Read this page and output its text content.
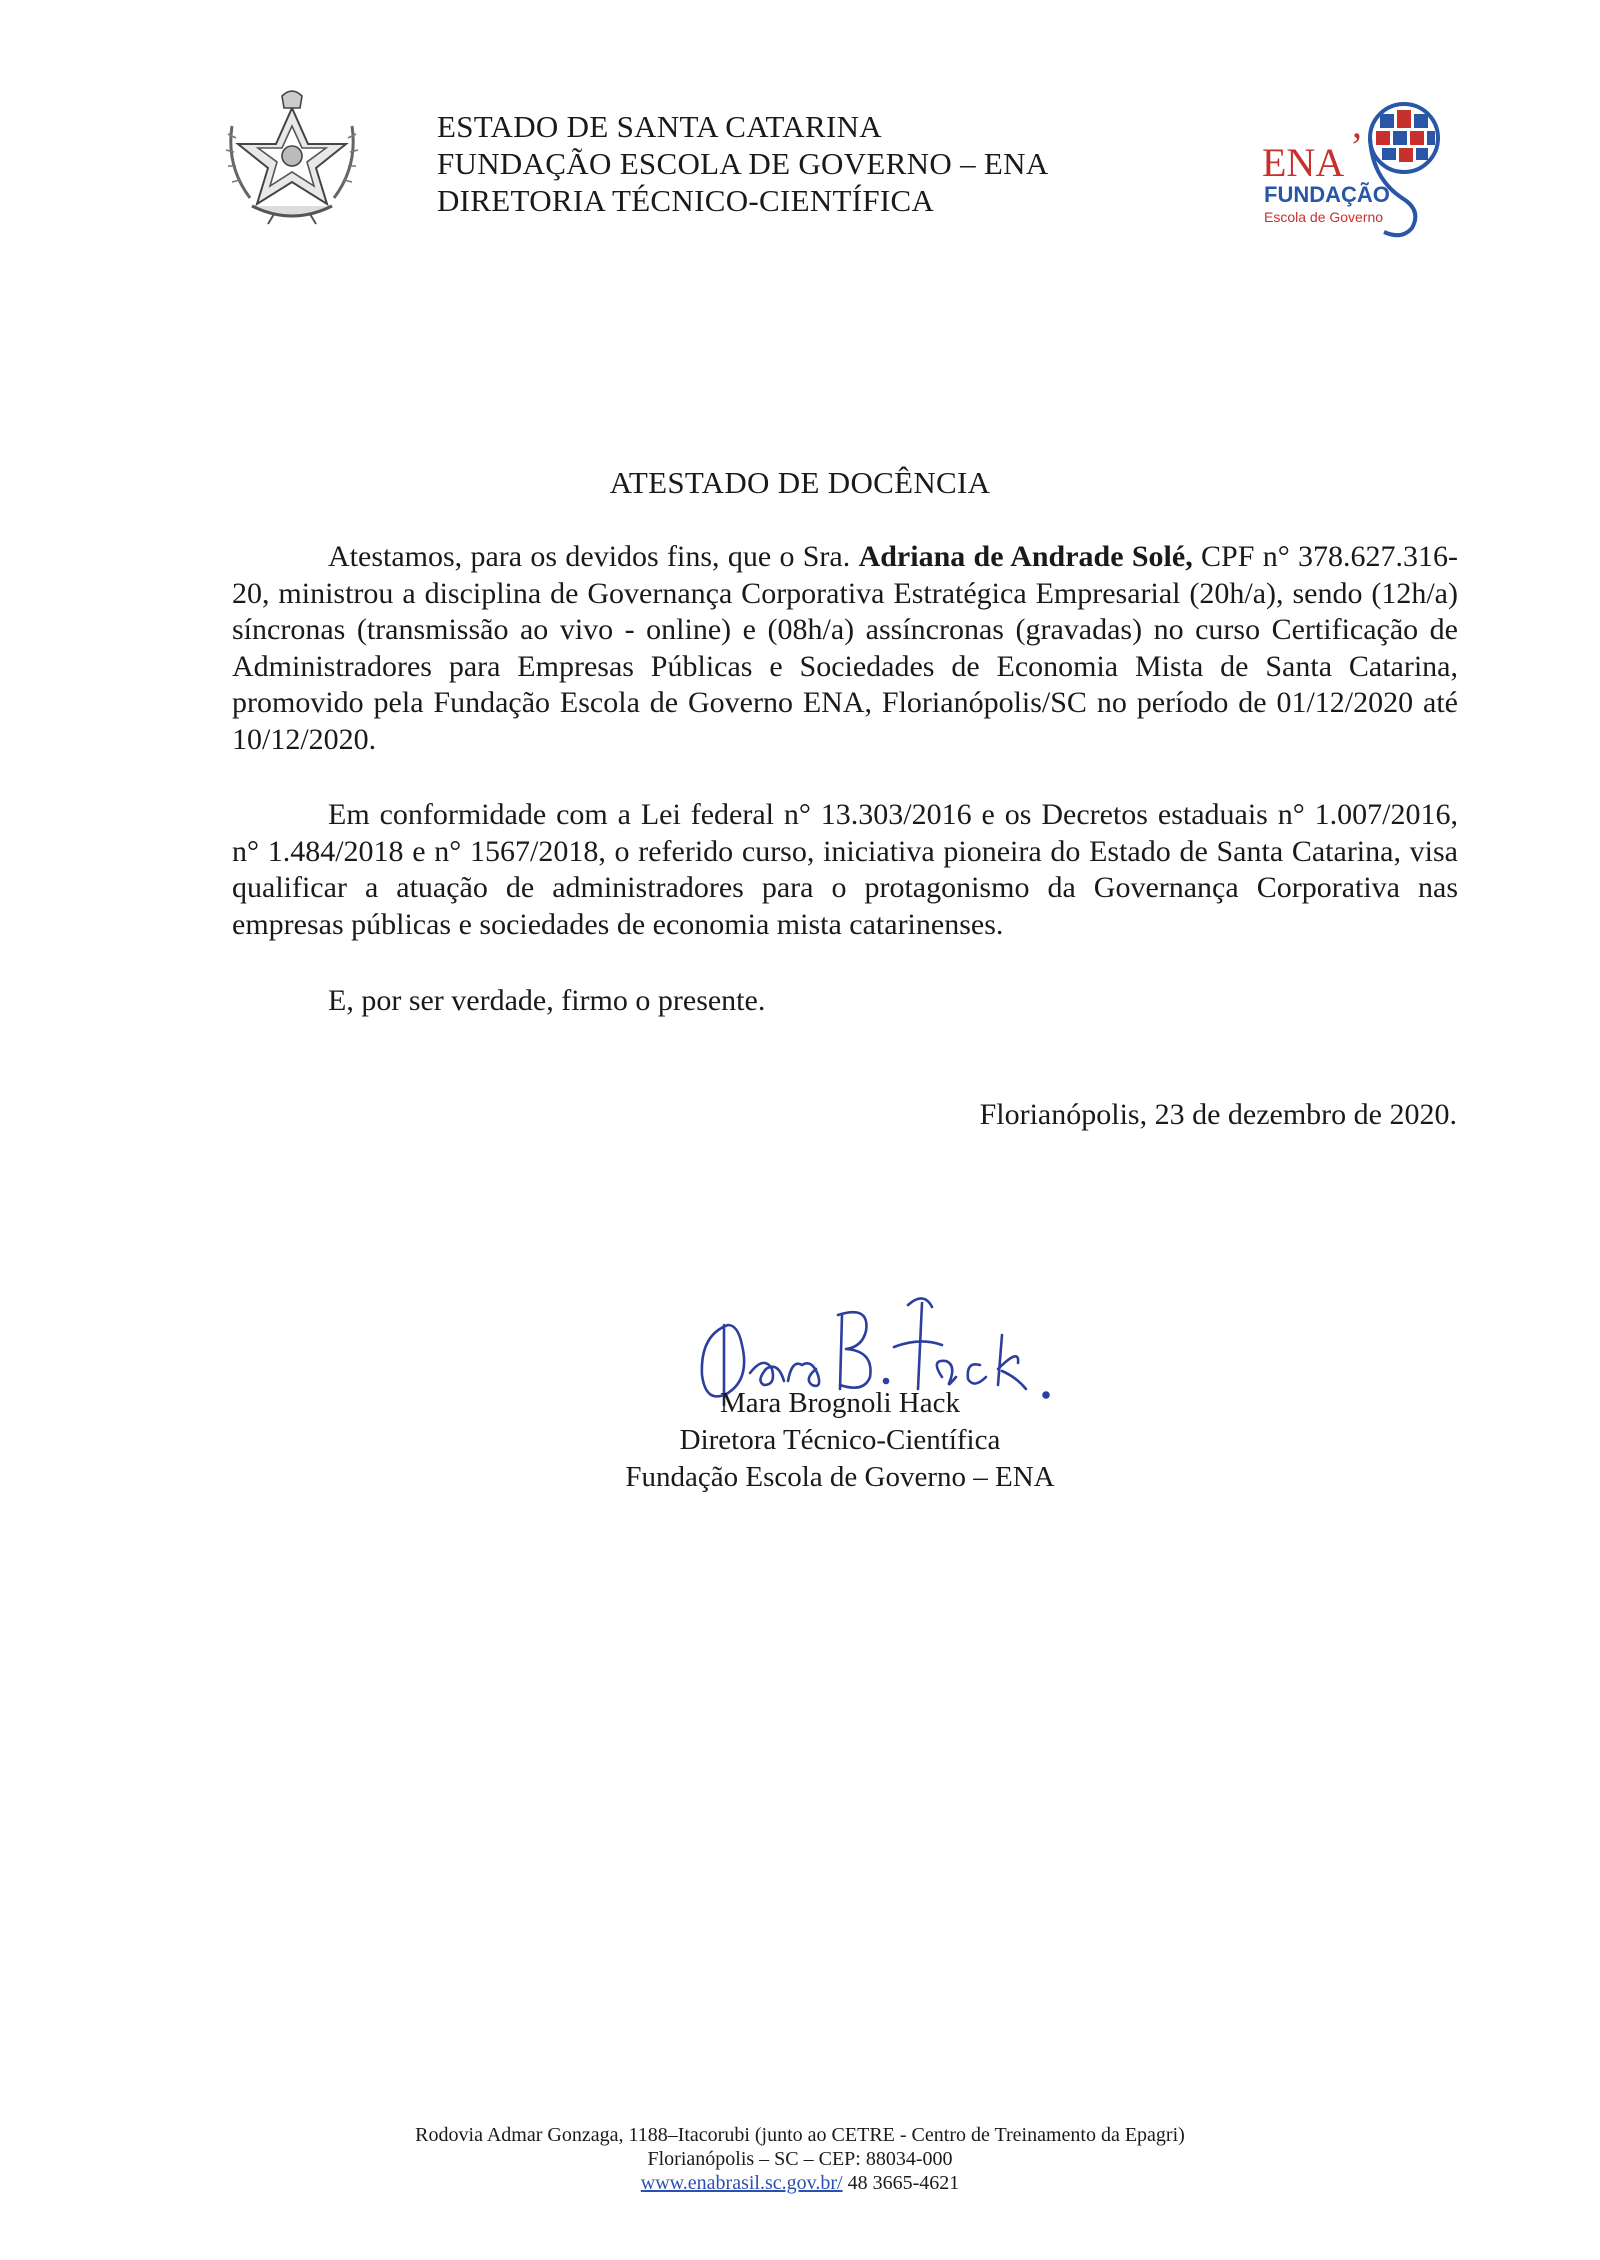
ESTADO DE SANTA CATARINA
FUNDAÇÃO ESCOLA DE GOVERNO – ENA
DIRETORIA TÉCNICO-CIENTÍFICA
ENA ’
FUNDAÇÃO
Escola de Governo
ATESTADO DE DOCÊNCIA
Atestamos, para os devidos fins, que o Sra. Adriana de Andrade Solé, CPF n° 378.627.316-20, ministrou a disciplina de Governança Corporativa Estratégica Empresarial (20h/a), sendo (12h/a) síncronas (transmissão ao vivo - online) e (08h/a) assíncronas (gravadas) no curso Certificação de Administradores para Empresas Públicas e Sociedades de Economia Mista de Santa Catarina, promovido pela Fundação Escola de Governo ENA, Florianópolis/SC no período de 01/12/2020 até 10/12/2020.
Em conformidade com a Lei federal n° 13.303/2016 e os Decretos estaduais n° 1.007/2016, n° 1.484/2018 e n° 1567/2018, o referido curso, iniciativa pioneira do Estado de Santa Catarina, visa qualificar a atuação de administradores para o protagonismo da Governança Corporativa nas empresas públicas e sociedades de economia mista catarinenses.
E, por ser verdade, firmo o presente.
Florianópolis, 23 de dezembro de 2020.
Mara Brognoli Hack
Diretora Técnico-Científica
Fundação Escola de Governo – ENA
Rodovia Admar Gonzaga, 1188–Itacorubi (junto ao CETRE - Centro de Treinamento da Epagri)
Florianópolis – SC – CEP: 88034-000
www.enabrasil.sc.gov.br/ 48 3665-4621
